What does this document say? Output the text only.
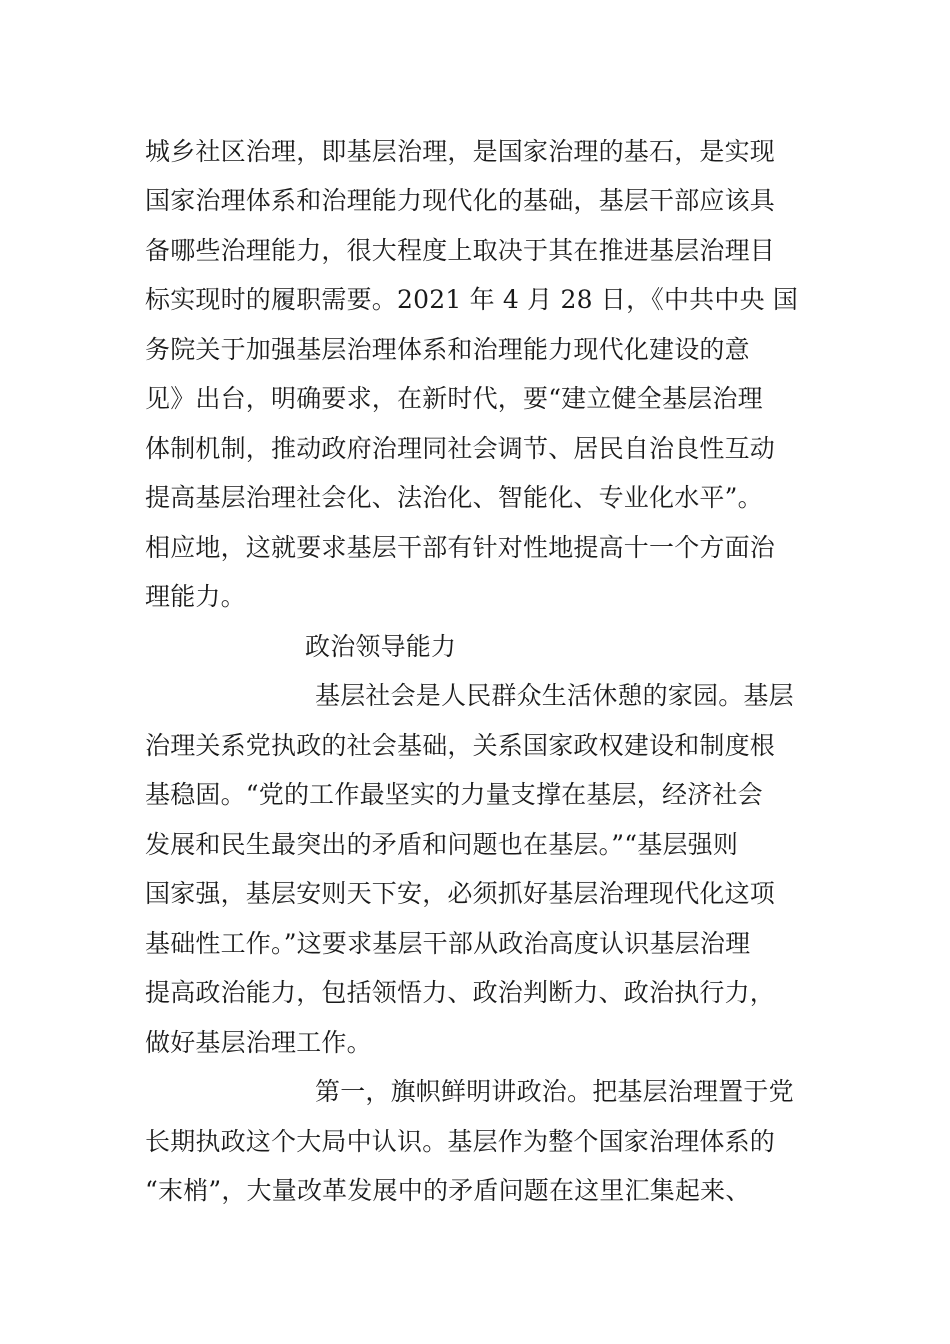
城乡社区治理，即基层治理，是国家治理的基石，是实现
国家治理体系和治理能力现代化的基础，基层干部应该具
备哪些治理能力，很大程度上取决于其在推进基层治理目
标实现时的履职需要。2021 年 4 月 28 日，《中共中央 国
务院关于加强基层治理体系和治理能力现代化建设的意
见》出台，明确要求，在新时代，要“建立健全基层治理
体制机制，推动政府治理同社会调节、居民自治良性互动
提高基层治理社会化、法治化、智能化、专业化水平”。
相应地，这就要求基层干部有针对性地提高十一个方面治
理能力。
政治领导能力
基层社会是人民群众生活休憩的家园。基层
治理关系党执政的社会基础，关系国家政权建设和制度根
基稳固。“党的工作最坚实的力量支撑在基层，经济社会
发展和民生最突出的矛盾和问题也在基层。”“基层强则
国家强，基层安则天下安，必须抓好基层治理现代化这项
基础性工作。”这要求基层干部从政治高度认识基层治理
提高政治能力，包括领悟力、政治判断力、政治执行力，
做好基层治理工作。
第一，旗帜鲜明讲政治。把基层治理置于党
长期执政这个大局中认识。基层作为整个国家治理体系的
“末梢”，大量改革发展中的矛盾问题在这里汇集起来、
